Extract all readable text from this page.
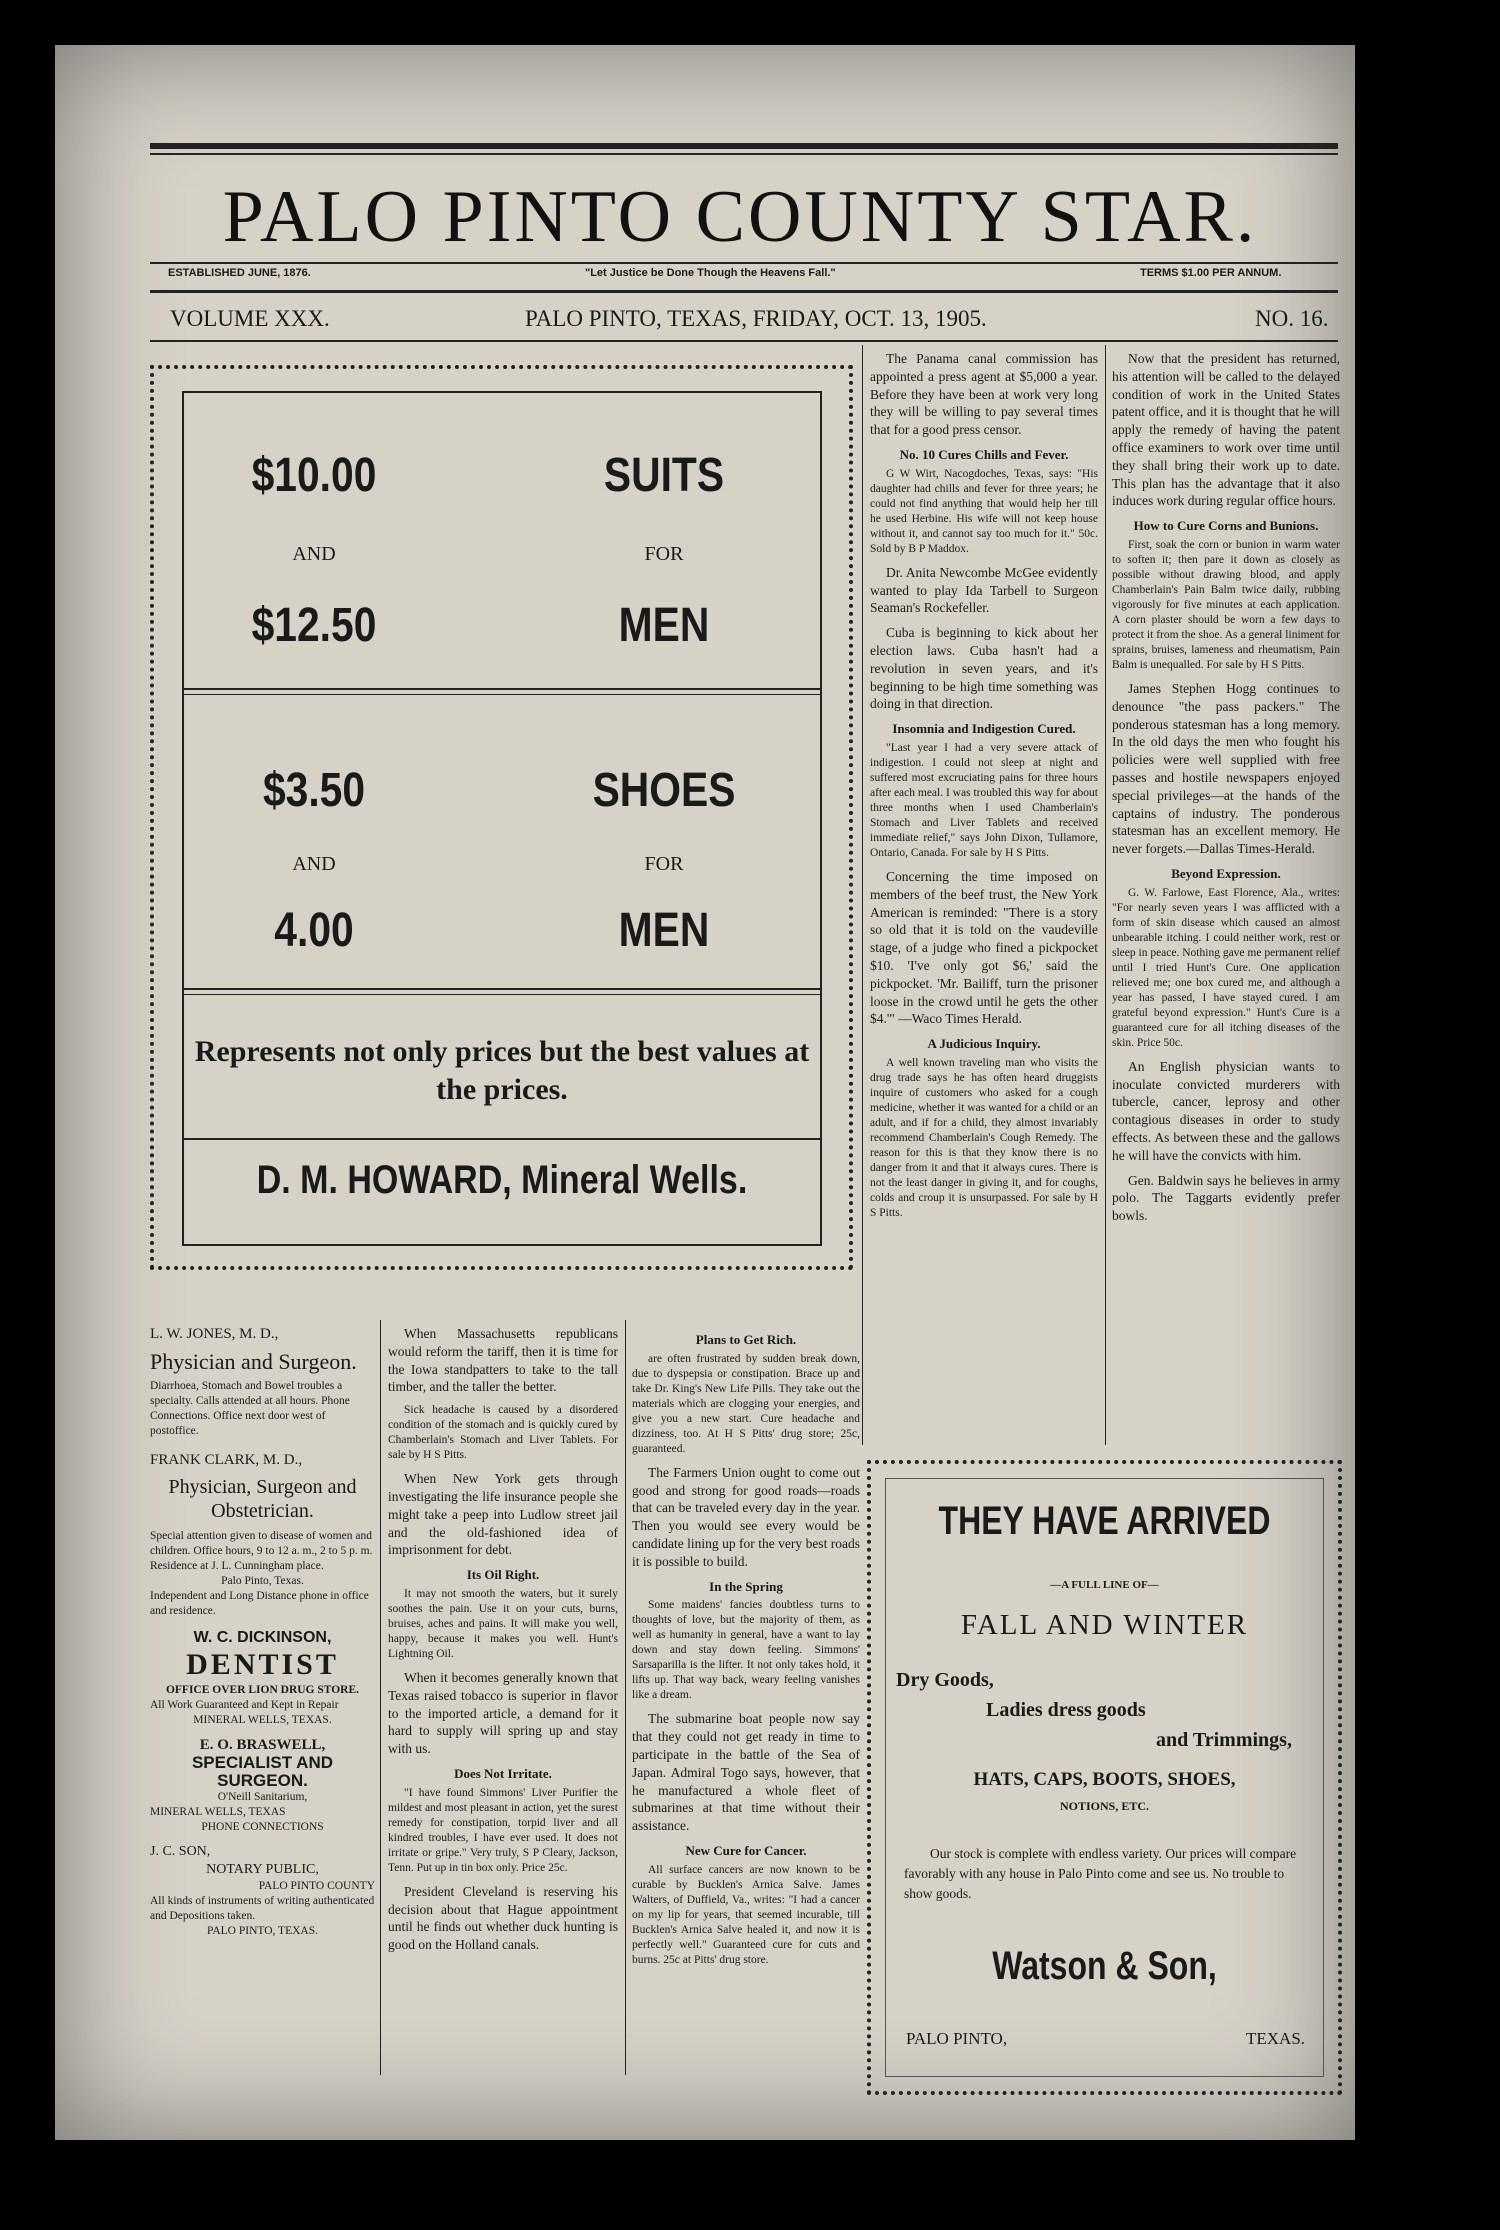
PALO PINTO COUNTY STAR.
ESTABLISHED JUNE, 1876.	"Let Justice be Done Though the Heavens Fall."	TERMS $1.00 PER ANNUM.
VOLUME XXX.	PALO PINTO, TEXAS, FRIDAY, OCT. 13, 1905.	NO. 16.
$10.00	SUITS
AND	FOR
$12.50	MEN
$3.50	SHOES
AND	FOR
4.00	MEN
Represents not only prices but the best values at the prices.
D. M. HOWARD, Mineral Wells.

The Panama canal commission has appointed a press agent at $5,000 a year. Before they have been at work very long they will be willing to pay several times that for a good press censor.

No. 10 Cures Chills and Fever.

G W Wirt, Nacogdoches, Texas, says: "His daughter had chills and fever for three years; he could not find anything that would help her till he used Herbine. His wife will not keep house without it, and cannot say too much for it." 50c. Sold by B P Maddox.

Dr. Anita Newcombe McGee evidently wanted to play Ida Tarbell to Surgeon Seaman's Rockefeller.

Cuba is beginning to kick about her election laws. Cuba hasn't had a revolution in seven years, and it's beginning to be high time something was doing in that direction.

Insomnia and Indigestion Cured.

"Last year I had a very severe attack of indigestion. I could not sleep at night and suffered most excruciating pains for three hours after each meal. I was troubled this way for about three months when I used Chamberlain's Stomach and Liver Tablets and received immediate relief," says John Dixon, Tullamore, Ontario, Canada. For sale by H S Pitts.

Concerning the time imposed on members of the beef trust, the New York American is reminded: "There is a story so old that it is told on the vaudeville stage, of a judge who fined a pickpocket $10. 'I've only got $6,' said the pickpocket. 'Mr. Bailiff, turn the prisoner loose in the crowd until he gets the other $4.'" —Waco Times Herald.

A Judicious Inquiry.

A well known traveling man who visits the drug trade says he has often heard druggists inquire of customers who asked for a cough medicine, whether it was wanted for a child or an adult, and if for a child, they almost invariably recommend Chamberlain's Cough Remedy. The reason for this is that they know there is no danger from it and that it always cures. There is not the least danger in giving it, and for coughs, colds and croup it is unsurpassed. For sale by H S Pitts.

Now that the president has returned, his attention will be called to the delayed condition of work in the United States patent office, and it is thought that he will apply the remedy of having the patent office examiners to work over time until they shall bring their work up to date. This plan has the advantage that it also induces work during regular office hours.

How to Cure Corns and Bunions.

First, soak the corn or bunion in warm water to soften it; then pare it down as closely as possible without drawing blood, and apply Chamberlain's Pain Balm twice daily, rubbing vigorously for five minutes at each application. A corn plaster should be worn a few days to protect it from the shoe. As a general liniment for sprains, bruises, lameness and rheumatism, Pain Balm is unequalled. For sale by H S Pitts.

James Stephen Hogg continues to denounce "the pass packers." The ponderous statesman has a long memory. In the old days the men who fought his policies were well supplied with free passes and hostile newspapers enjoyed special privileges—at the hands of the captains of industry. The ponderous statesman has an excellent memory. He never forgets.—Dallas Times-Herald.

Beyond Expression.

G. W. Farlowe, East Florence, Ala., writes: "For nearly seven years I was afflicted with a form of skin disease which caused an almost unbearable itching. I could neither work, rest or sleep in peace. Nothing gave me permanent relief until I tried Hunt's Cure. One application relieved me; one box cured me, and although a year has passed, I have stayed cured. I am grateful beyond expression." Hunt's Cure is a guaranteed cure for all itching diseases of the skin. Price 50c.

An English physician wants to inoculate convicted murderers with tubercle, cancer, leprosy and other contagious diseases in order to study effects. As between these and the gallows he will have the convicts with him.

Gen. Baldwin says he believes in army polo. The Taggarts evidently prefer bowls.

L. W. JONES, M. D.,
Physician and Surgeon.
Diarrhoea, Stomach and Bowel troubles a specialty. Calls attended at all hours. Phone Connections. Office next door west of postoffice.
FRANK CLARK, M. D.,
Physician, Surgeon and Obstetrician.
Special attention given to disease of women and children. Office hours, 9 to 12 a. m., 2 to 5 p. m. Residence at J. L. Cunningham place.
Palo Pinto, Texas.
Independent and Long Distance phone in office and residence.
W. C. DICKINSON,
DENTIST
OFFICE OVER LION DRUG STORE.
All Work Guaranteed and Kept in Repair
MINERAL WELLS, TEXAS.
E. O. BRASWELL,
SPECIALIST AND SURGEON.
O'Neill Sanitarium,
MINERAL WELLS, TEXAS
PHONE CONNECTIONS
J. C. SON,
NOTARY PUBLIC,
PALO PINTO COUNTY
All kinds of instruments of writing authenticated and Depositions taken.
PALO PINTO, TEXAS.

When Massachusetts republicans would reform the tariff, then it is time for the Iowa standpatters to take to the tall timber, and the taller the better.

Sick headache is caused by a disordered condition of the stomach and is quickly cured by Chamberlain's Stomach and Liver Tablets. For sale by H S Pitts.

When New York gets through investigating the life insurance people she might take a peep into Ludlow street jail and the old-fashioned idea of imprisonment for debt.

Its Oil Right.

It may not smooth the waters, but it surely soothes the pain. Use it on your cuts, burns, bruises, aches and pains. It will make you well, happy, because it makes you well. Hunt's Lightning Oil.

When it becomes generally known that Texas raised tobacco is superior in flavor to the imported article, a demand for it hard to supply will spring up and stay with us.

Does Not Irritate.

"I have found Simmons' Liver Purifier the mildest and most pleasant in action, yet the surest remedy for constipation, torpid liver and all kindred troubles, I have ever used. It does not irritate or gripe." Very truly, S P Cleary, Jackson, Tenn. Put up in tin box only. Price 25c.

President Cleveland is reserving his decision about that Hague appointment until he finds out whether duck hunting is good on the Holland canals.

Plans to Get Rich.

are often frustrated by sudden break down, due to dyspepsia or constipation. Brace up and take Dr. King's New Life Pills. They take out the materials which are clogging your energies, and give you a new start. Cure headache and dizziness, too. At H S Pitts' drug store; 25c, guaranteed.

The Farmers Union ought to come out good and strong for good roads—roads that can be traveled every day in the year. Then you would see every would be candidate lining up for the very best roads it is possible to build.

In the Spring

Some maidens' fancies doubtless turns to thoughts of love, but the majority of them, as well as humanity in general, have a want to lay down and stay down feeling. Simmons' Sarsaparilla is the lifter. It not only takes hold, it lifts up. That way back, weary feeling vanishes like a dream.

The submarine boat people now say that they could not get ready in time to participate in the battle of the Sea of Japan. Admiral Togo says, however, that he manufactured a whole fleet of submarines at that time without their assistance.

New Cure for Cancer.

All surface cancers are now known to be curable by Bucklen's Arnica Salve. James Walters, of Duffield, Va., writes: "I had a cancer on my lip for years, that seemed incurable, till Bucklen's Arnica Salve healed it, and now it is perfectly well." Guaranteed cure for cuts and burns. 25c at Pitts' drug store.

THEY HAVE ARRIVED
—A FULL LINE OF—
FALL AND WINTER
Dry Goods,
Ladies dress goods
and Trimmings,
HATS, CAPS, BOOTS, SHOES,
NOTIONS, ETC.
Our stock is complete with endless variety. Our prices will compare favorably with any house in Palo Pinto come and see us. No trouble to show goods.
Watson & Son,
PALO PINTO,	TEXAS.
